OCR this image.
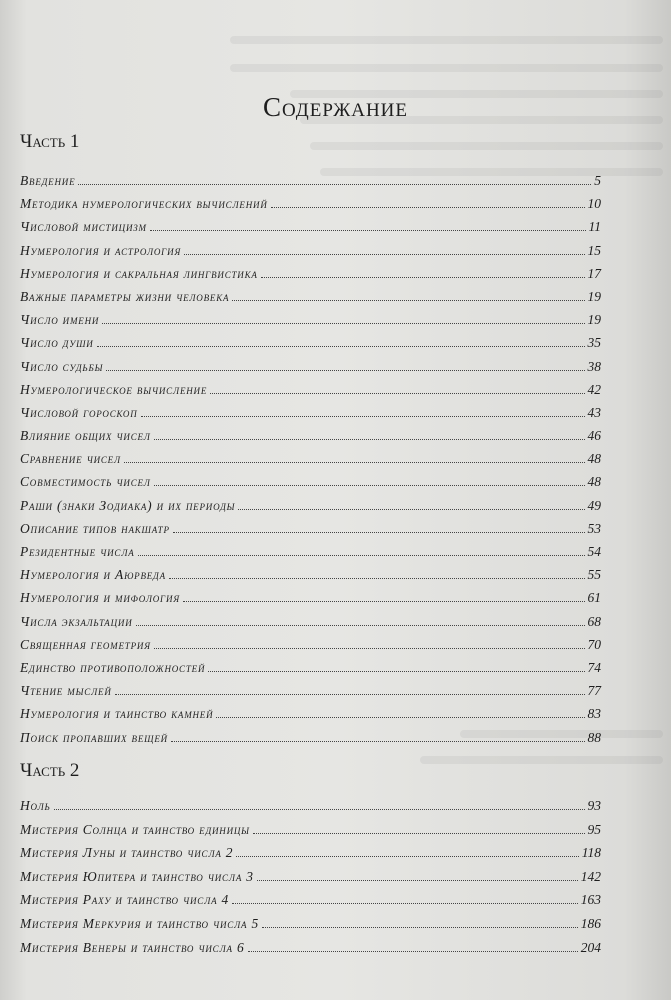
Содержание
Часть 1
Введение	5
Методика нумерологических вычислений	10
Числовой мистицизм	11
Нумерология и астрология	15
Нумерология и сакральная лингвистика	17
Важные параметры жизни человека	19
Число имени	19
Число души	35
Число судьбы	38
Нумерологическое вычисление	42
Числовой гороскоп	43
Влияние общих чисел	46
Сравнение чисел	48
Совместимость чисел	48
Раши (знаки Зодиака) и их периоды	49
Описание типов накшатр	53
Резидентные числа	54
Нумерология и Аюрведа	55
Нумерология и мифология	61
Числа экзальтации	68
Священная геометрия	70
Единство противоположностей	74
Чтение мыслей	77
Нумерология и таинство камней	83
Поиск пропавших вещей	88
Часть 2
Ноль	93
Мистерия Солнца и таинство единицы	95
Мистерия Луны и таинство числа 2	118
Мистерия Юпитера и таинство числа 3	142
Мистерия Раху и таинство числа 4	163
Мистерия Меркурия и таинство числа 5	186
Мистерия Венеры и таинство числа 6	204
